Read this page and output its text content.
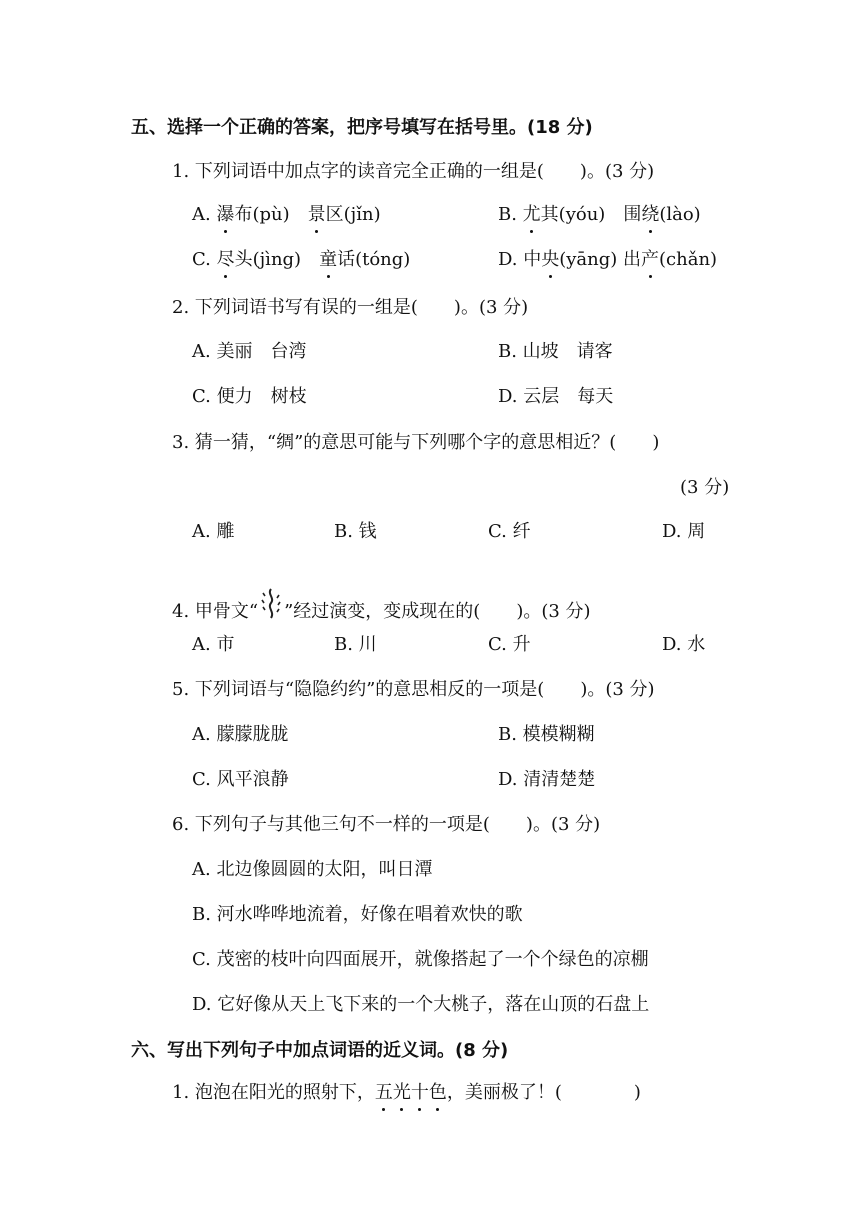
五、选择一个正确的答案，把序号填写在括号里。(18 分)
1. 下列词语中加点字的读音完全正确的一组是(　　)。(3 分)
A. 瀑布(pù)　景区(jǐn)	B. 尤其(yóu)　围绕(lào)
C. 尽头(jìng)　童话(tóng)	D. 中央(yāng) 出产(chǎn)
2. 下列词语书写有误的一组是(　　)。(3 分)
A. 美丽　台湾	B. 山坡　请客
C. 便力　树枝	D. 云层　每天
3. 猜一猜，“绸”的意思可能与下列哪个字的意思相近？(　　)
(3 分)
A. 雕	B. 钱	C. 纤	D. 周
4. 甲骨文“ ”经过演变，变成现在的(　　)。(3 分)
A. 市	B. 川	C. 升	D. 水
5. 下列词语与“隐隐约约”的意思相反的一项是(　　)。(3 分)
A. 朦朦胧胧	B. 模模糊糊
C. 风平浪静	D. 清清楚楚
6. 下列句子与其他三句不一样的一项是(　　)。(3 分)
A. 北边像圆圆的太阳，叫日潭
B. 河水哗哗地流着，好像在唱着欢快的歌
C. 茂密的枝叶向四面展开，就像搭起了一个个绿色的凉棚
D. 它好像从天上飞下来的一个大桃子，落在山顶的石盘上
六、写出下列句子中加点词语的近义词。(8 分)
1. 泡泡在阳光的照射下，五光十色，美丽极了！(　　　　)
